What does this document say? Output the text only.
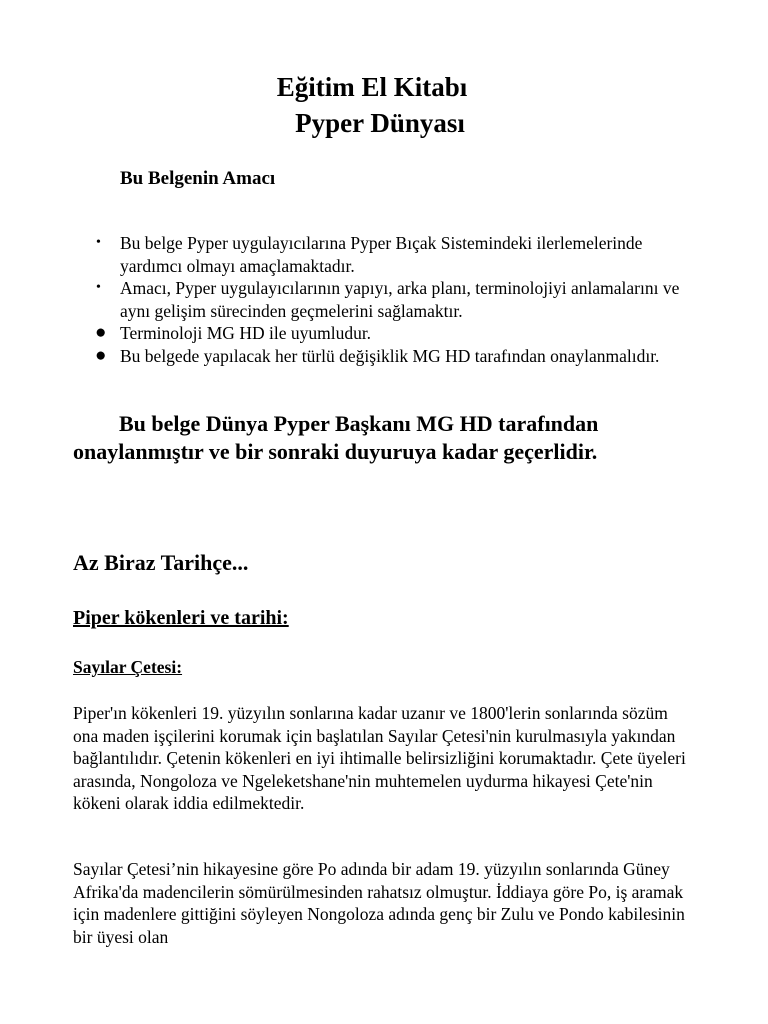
Eğitim El Kitabı
Pyper Dünyası
Bu Belgenin Amacı
• Bu belge Pyper uygulayıcılarına Pyper Bıçak Sistemindeki ilerlemelerinde yardımcı olmayı amaçlamaktadır.
• Amacı, Pyper uygulayıcılarının yapıyı, arka planı, terminolojiyi anlamalarını ve aynı gelişim sürecinden geçmelerini sağlamaktır.
● Terminoloji MG HD ile uyumludur.
● Bu belgede yapılacak her türlü değişiklik MG HD tarafından onaylanmalıdır.

Bu belge Dünya Pyper Başkanı MG HD tarafından onaylanmıştır ve bir sonraki duyuruya kadar geçerlidir.

Az Biraz Tarihçe...
Piper kökenleri ve tarihi:
Sayılar Çetesi:

Piper'ın kökenleri 19. yüzyılın sonlarına kadar uzanır ve 1800'lerin sonlarında sözüm ona maden işçilerini korumak için başlatılan Sayılar Çetesi'nin kurulmasıyla yakından bağlantılıdır. Çetenin kökenleri en iyi ihtimalle belirsizliğini korumaktadır. Çete üyeleri arasında, Nongoloza ve Ngeleketshane'nin muhtemelen uydurma hikayesi Çete'nin kökeni olarak iddia edilmektedir.

Sayılar Çetesi’nin hikayesine göre Po adında bir adam 19. yüzyılın sonlarında Güney Afrika'da madencilerin sömürülmesinden rahatsız olmuştur. İddiaya göre Po, iş aramak için madenlere gittiğini söyleyen Nongoloza adında genç bir Zulu ve Pondo kabilesinin bir üyesi olan
